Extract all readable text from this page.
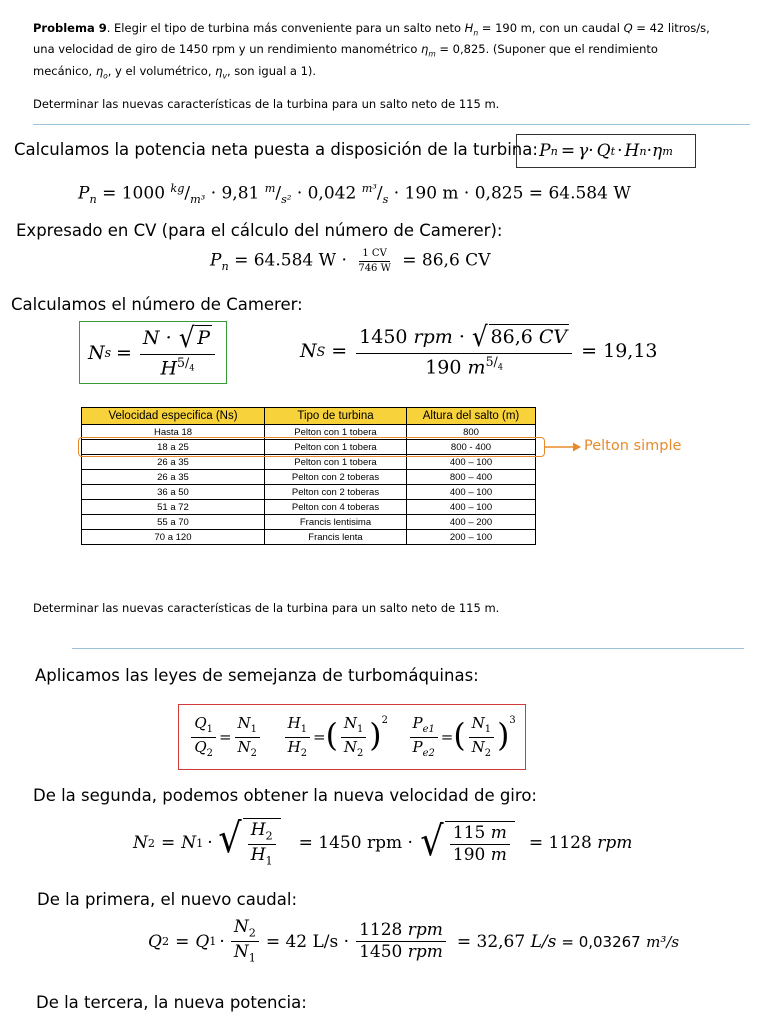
Problema 9. Elegir el tipo de turbina más conveniente para un salto neto $H_n = 190$ m, con un caudal Q = 42 litros/s,
una velocidad de giro de 1450 rpm y un rendimiento manométrico $\eta_m = 0,825$. (Suponer que el rendimiento
mecánico, $\eta_o$, y el volumétrico, $\eta_v$, son igual a 1).
Determinar las nuevas características de la turbina para un salto neto de 115 m.
Calculamos la potencia neta puesta a disposición de la turbina: P n = γ · Q t · H n · η m
$P_n = 1000$ $^{kg}/_{m^3} \cdot 9,81$ $^m/_{s^2} \cdot 0,042$ $^{m^3}/_s \cdot 190$ m · 0,825 = 64.584 W
Expresado en CV (para el cálculo del número de Camerer):
$P_n = 64.584$ $W \cdot \frac{1 CV}{746 W} = 86,6$ CV
Calculamos el número de Camerer:
N $s = \frac{N \cdot √ P}{H^{5/_4}}$	N $S = \frac{\text{1450 rpm · √ 86,6 CV}}{190 m^{5/_4}} = 19,13$
Velocidad especifica (Ns)	Tipo de turbina	Altura del salto (m)
Hasta 18	Pelton con 1 tobera	800
18 a 25	Pelton con 1 tobera	800 - 400
26 a 35	Pelton con 1 tobera	400 – 100
26 a 35	Pelton con 2 toberas	800 – 400
36 a 50	Pelton con 2 toberas	400 – 100
51 a 72	Pelton con 4 toberas	400 – 100
55 a 70	Francis lentisima	400 – 200
70 a 120	Francis lenta	200 – 100
Pelton simple
Determinar las nuevas características de la turbina para un salto neto de 115 m.
Aplicamos las leyes de semejanza de turbomáquinas:
$\frac{Q_1}{Q_2} = \frac{N_1}{N_2} \frac{H_1}{H_2}$ = ( $\frac{N_1}{N_2} )^2 \frac{P_{e1}}{P_{e2}}$ = ( $\frac{N_1}{N_2} )^3$
De la segunda, podemos obtener la nueva velocidad de giro:
N 2 = N 1 · √ $\frac{H_2}{H_1} = 1450$ rpm · √ $\frac{115 m}{190 m} = 1128$
rpm
De la primera, el nuevo caudal:
Q 2 = Q $1 \cdot \frac{N_2}{N_1} = 42$ $L/s \cdot \frac{\text{1128 rpm}}{\text{1450 rpm}} = 32,67$
L/s = 0,03267
m³/s
De la tercera, la nueva potencia:
